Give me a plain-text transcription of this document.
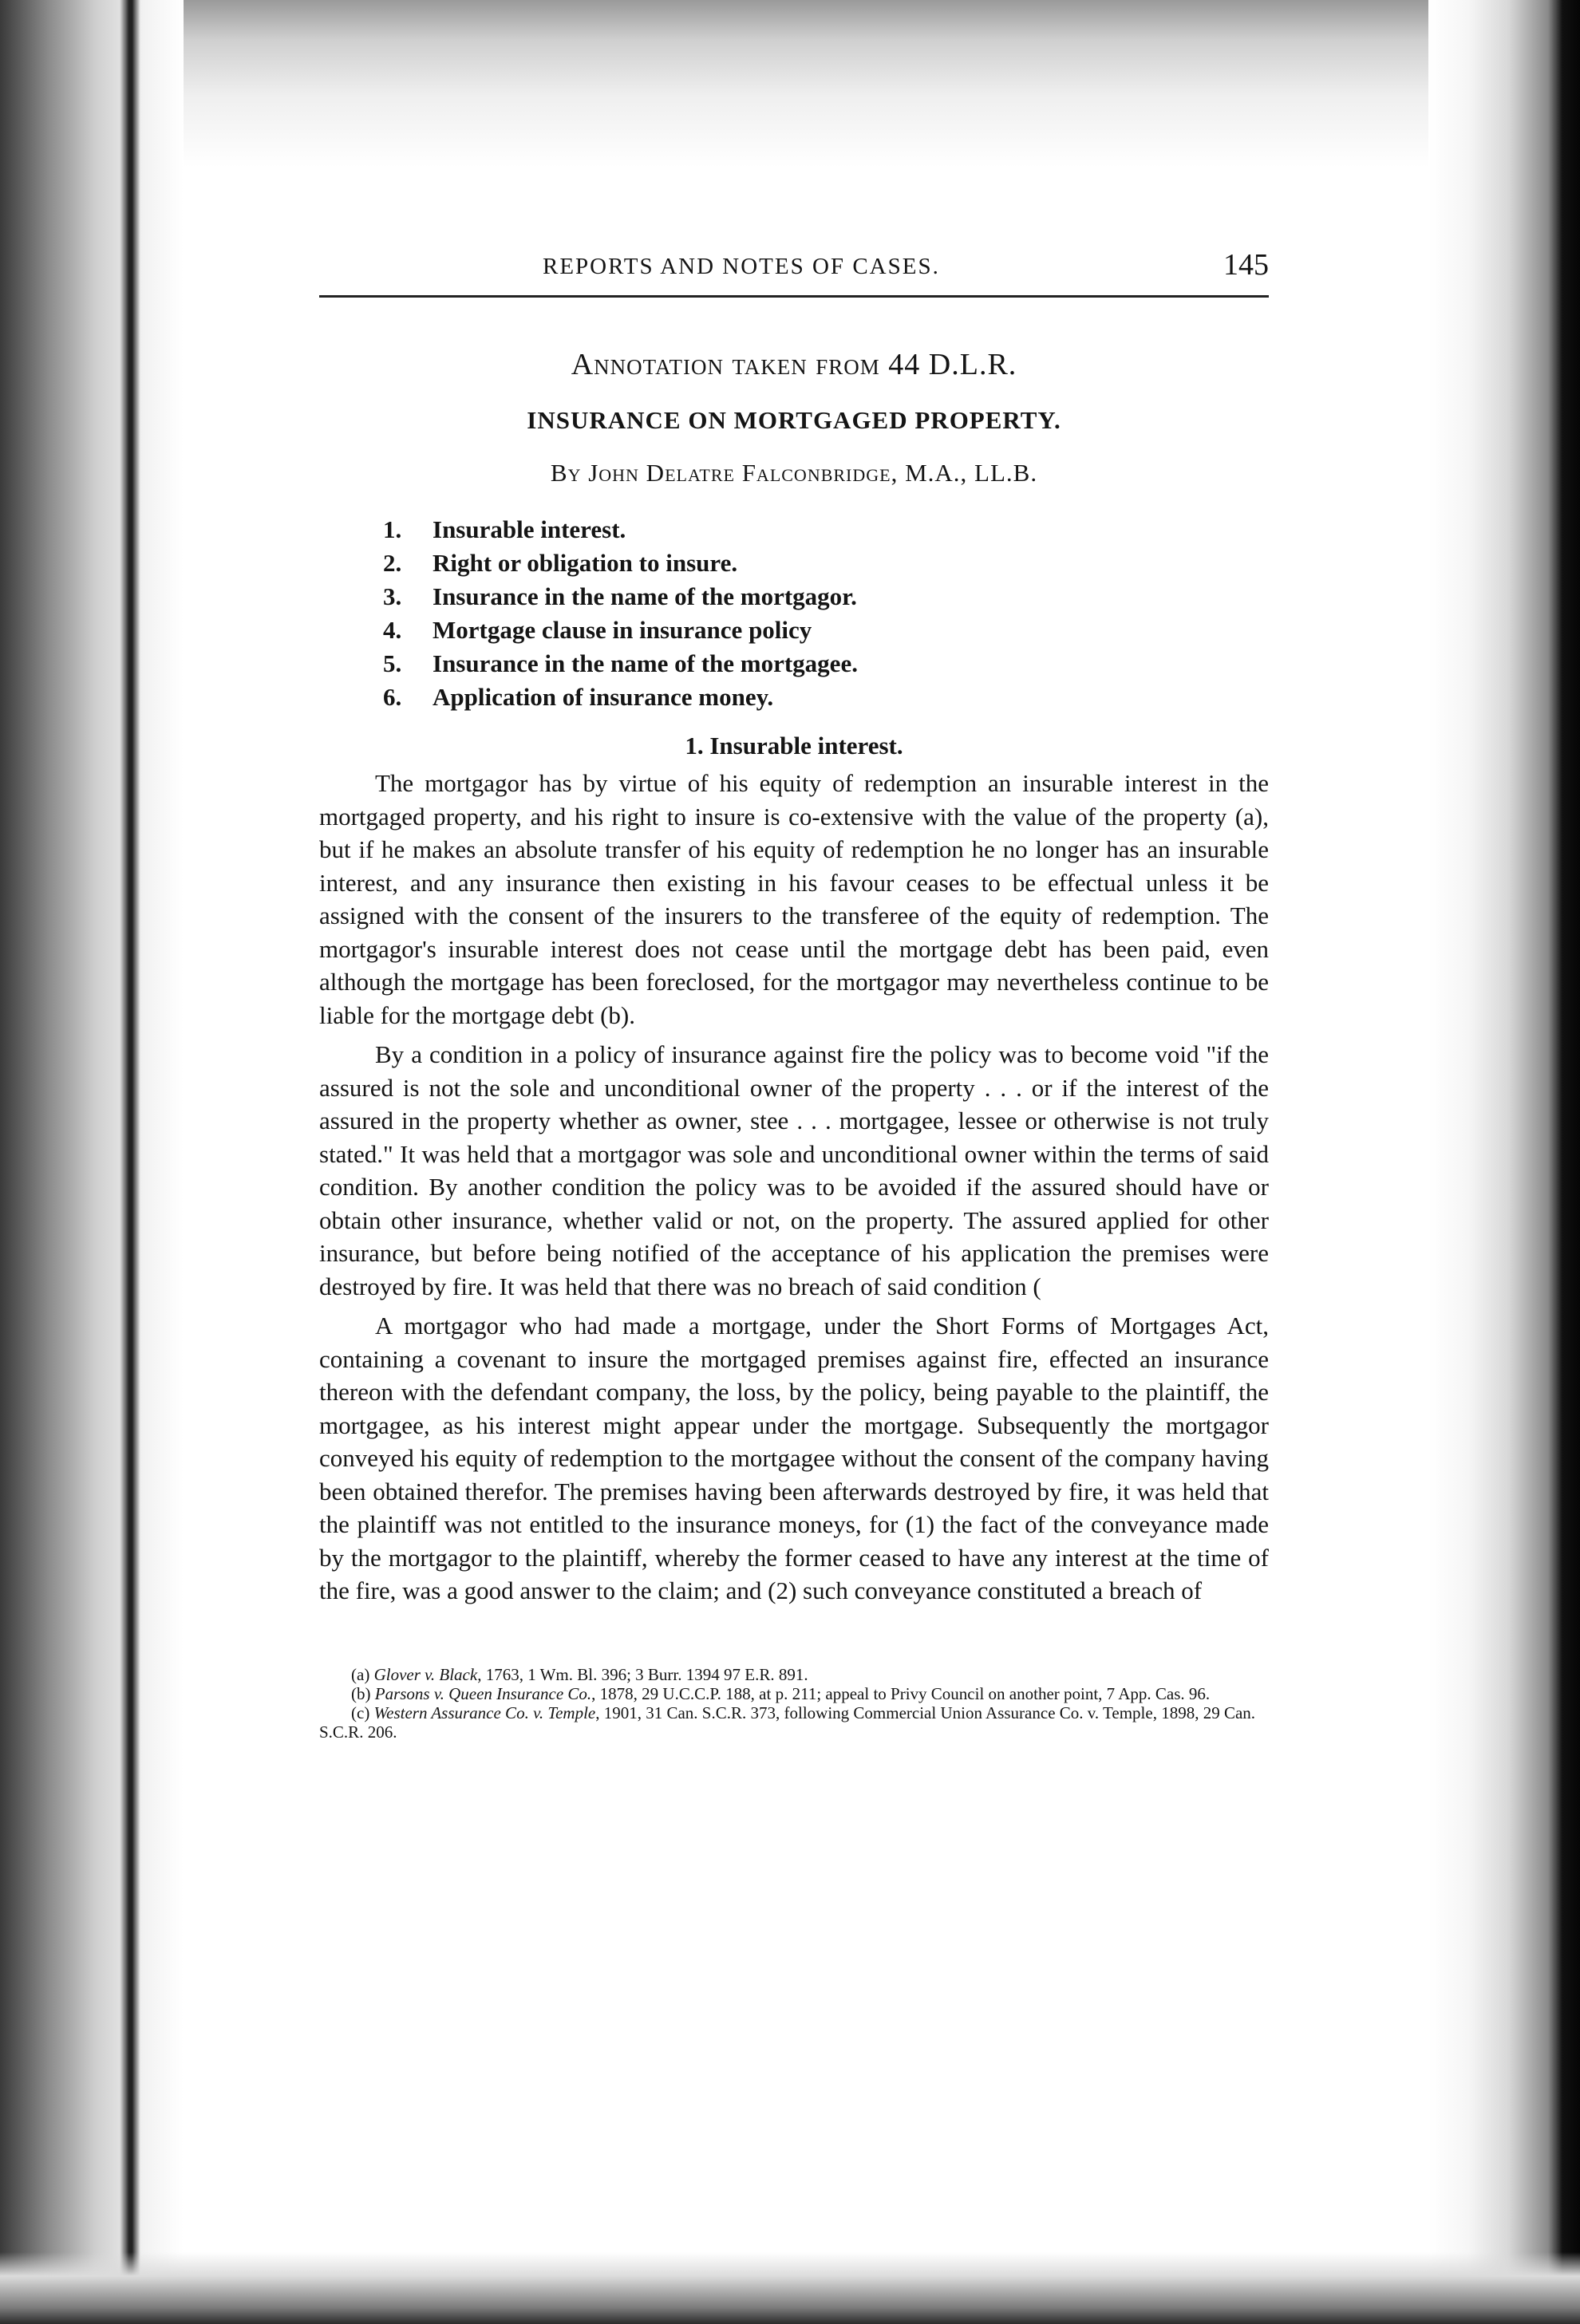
REPORTS AND NOTES OF CASES.	145
Annotation taken from 44 D.L.R.
INSURANCE ON MORTGAGED PROPERTY.
By John Delatre Falconbridge, M.A., LL.B.
1. Insurable interest.
2. Right or obligation to insure.
3. Insurance in the name of the mortgagor.
4. Mortgage clause in insurance policy
5. Insurance in the name of the mortgagee.
6. Application of insurance money.
1. Insurable interest.

The mortgagor has by virtue of his equity of redemption an insurable interest in the mortgaged property, and his right to insure is co-extensive with the value of the property (a), but if he makes an absolute transfer of his equity of redemption he no longer has an insurable interest, and any insurance then existing in his favour ceases to be effectual unless it be assigned with the consent of the insurers to the transferee of the equity of redemption. The mortgagor's insurable interest does not cease until the mortgage debt has been paid, even although the mortgage has been foreclosed, for the mortgagor may nevertheless continue to be liable for the mortgage debt (b).

By a condition in a policy of insurance against fire the policy was to become void "if the assured is not the sole and unconditional owner of the property . . . or if the interest of the assured in the property whether as owner, stee . . . mortgagee, lessee or otherwise is not truly stated." It was held that a mortgagor was sole and unconditional owner within the terms of said condition. By another condition the policy was to be avoided if the assured should have or obtain other insurance, whether valid or not, on the property. The assured applied for other insurance, but before being notified of the acceptance of his application the premises were destroyed by fire. It was held that there was no breach of said condition (

A mortgagor who had made a mortgage, under the Short Forms of Mortgages Act, containing a covenant to insure the mortgaged premises against fire, effected an insurance thereon with the defendant company, the loss, by the policy, being payable to the plaintiff, the mortgagee, as his interest might appear under the mortgage. Subsequently the mortgagor conveyed his equity of redemption to the mortgagee without the consent of the company having been obtained therefor. The premises having been afterwards destroyed by fire, it was held that the plaintiff was not entitled to the insurance moneys, for (1) the fact of the conveyance made by the mortgagor to the plaintiff, whereby the former ceased to have any interest at the time of the fire, was a good answer to the claim; and (2) such conveyance constituted a breach of

(a) Glover v. Black, 1763, 1 Wm. Bl. 396; 3 Burr. 1394 97 E.R. 891.

(b) Parsons v. Queen Insurance Co., 1878, 29 U.C.C.P. 188, at p. 211; appeal to Privy Council on another point, 7 App. Cas. 96.

(c) Western Assurance Co. v. Temple, 1901, 31 Can. S.C.R. 373, following Commercial Union Assurance Co. v. Temple, 1898, 29 Can. S.C.R. 206.
